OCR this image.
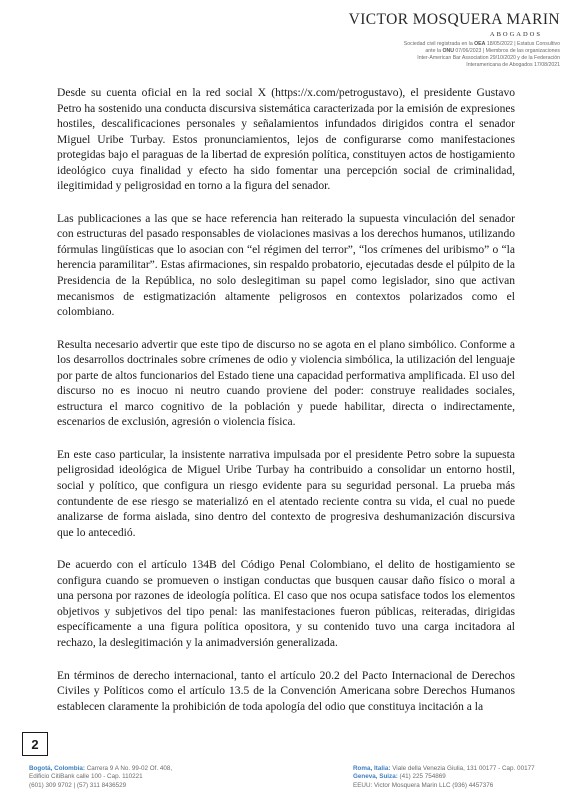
VICTOR MOSQUERA MARIN
ABOGADOS
Sociedad civil registrada en la OEA 18/05/2022 | Estatus Consultivo
ante la ONU 07/06/2023 | Miembros de las organizaciones
Inter-American Bar Association 29/10/2020 y de la Federación
Interamericana de Abogados 17/08/2021

Desde su cuenta oficial en la red social X (https://x.com/petrogustavo), el presidente Gustavo Petro ha sostenido una conducta discursiva sistemática caracterizada por la emisión de expresiones hostiles, descalificaciones personales y señalamientos infundados dirigidos contra el senador Miguel Uribe Turbay. Estos pronunciamientos, lejos de configurarse como manifestaciones protegidas bajo el paraguas de la libertad de expresión política, constituyen actos de hostigamiento ideológico cuya finalidad y efecto ha sido fomentar una percepción social de criminalidad, ilegitimidad y peligrosidad en torno a la figura del senador.

Las publicaciones a las que se hace referencia han reiterado la supuesta vinculación del senador con estructuras del pasado responsables de violaciones masivas a los derechos humanos, utilizando fórmulas lingüísticas que lo asocian con “el régimen del terror”, “los crímenes del uribismo” o “la herencia paramilitar”. Estas afirmaciones, sin respaldo probatorio, ejecutadas desde el púlpito de la Presidencia de la República, no solo deslegitiman su papel como legislador, sino que activan mecanismos de estigmatización altamente peligrosos en contextos polarizados como el colombiano.

Resulta necesario advertir que este tipo de discurso no se agota en el plano simbólico. Conforme a los desarrollos doctrinales sobre crímenes de odio y violencia simbólica, la utilización del lenguaje por parte de altos funcionarios del Estado tiene una capacidad performativa amplificada. El uso del discurso no es inocuo ni neutro cuando proviene del poder: construye realidades sociales, estructura el marco cognitivo de la población y puede habilitar, directa o indirectamente, escenarios de exclusión, agresión o violencia física.

En este caso particular, la insistente narrativa impulsada por el presidente Petro sobre la supuesta peligrosidad ideológica de Miguel Uribe Turbay ha contribuido a consolidar un entorno hostil, social y político, que configura un riesgo evidente para su seguridad personal. La prueba más contundente de ese riesgo se materializó en el atentado reciente contra su vida, el cual no puede analizarse de forma aislada, sino dentro del contexto de progresiva deshumanización discursiva que lo antecedió.

De acuerdo con el artículo 134B del Código Penal Colombiano, el delito de hostigamiento se configura cuando se promueven o instigan conductas que busquen causar daño físico o moral a una persona por razones de ideología política. El caso que nos ocupa satisface todos los elementos objetivos y subjetivos del tipo penal: las manifestaciones fueron públicas, reiteradas, dirigidas específicamente a una figura política opositora, y su contenido tuvo una carga incitadora al rechazo, la deslegitimación y la animadversión generalizada.

En términos de derecho internacional, tanto el artículo 20.2 del Pacto Internacional de Derechos Civiles y Políticos como el artículo 13.5 de la Convención Americana sobre Derechos Humanos establecen claramente la prohibición de toda apología del odio que constituya incitación a la

2
Bogotá, Colombia: Carrera 9 A No. 99-02 Of. 408,
Edificio CitiBank calle 100 - Cap. 110221
(601) 309 9702 | (57) 311 8436529
Roma, Italia: Viale della Venezia Giulia, 131 00177 - Cap. 00177
Geneva, Suiza: (41) 225 754869
EEUU: Victor Mosquera Marin LLC (936) 4457376
